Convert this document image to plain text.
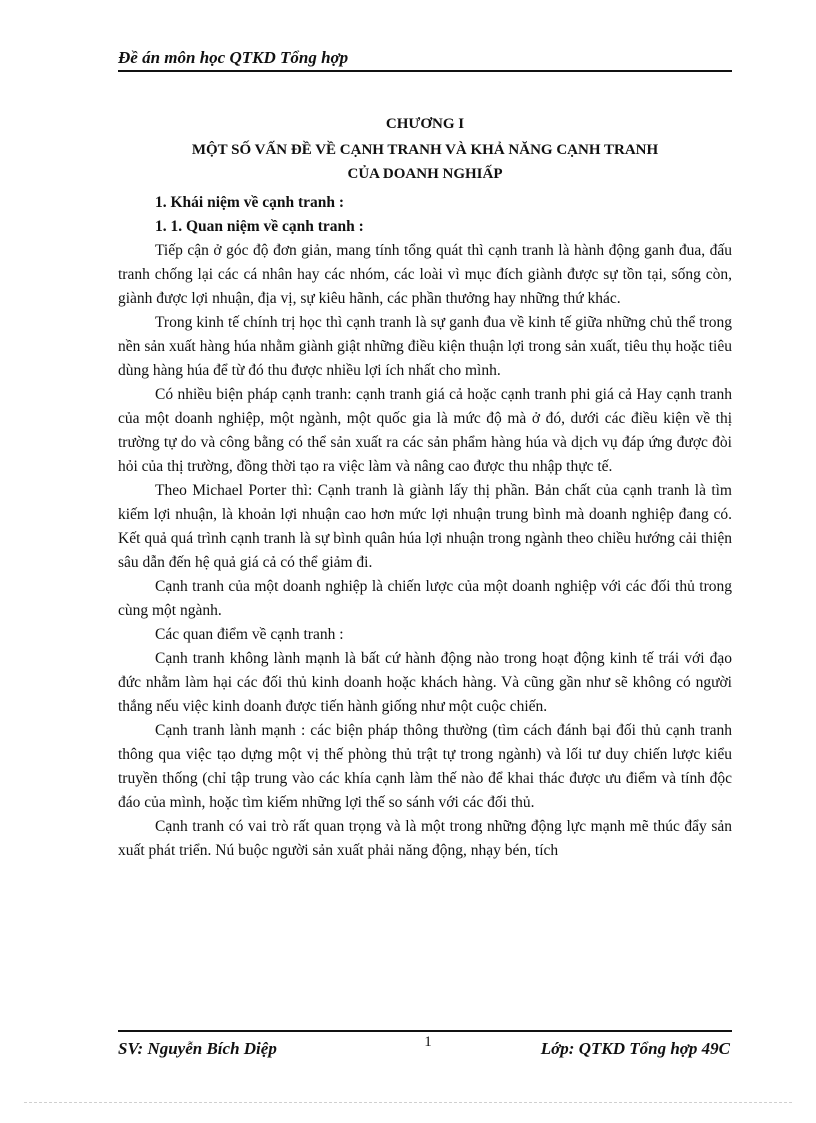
Đề án môn học QTKD Tổng hợp
CHƯƠNG I
MỘT SỐ VẤN ĐỀ VỀ CẠNH TRANH VÀ KHẢ NĂNG CẠNH TRANH
CỦA DOANH NGHIẤP

1. Khái niệm về cạnh tranh :

1. 1. Quan niệm về cạnh tranh :

Tiếp cận ở góc độ đơn giản, mang tính tổng quát thì cạnh tranh là hành động ganh đua, đấu tranh chống lại các cá nhân hay các nhóm, các loài vì mục đích giành được sự tồn tại, sống còn, giành được lợi nhuận, địa vị, sự kiêu hãnh, các phần thưởng hay những thứ khác.

Trong kinh tế chính trị học thì cạnh tranh là sự ganh đua về kinh tế giữa những chủ thể trong nền sản xuất hàng húa nhằm giành giật những điều kiện thuận lợi trong sản xuất, tiêu thụ hoặc tiêu dùng hàng húa để từ đó thu được nhiều lợi ích nhất cho mình.

Có nhiều biện pháp cạnh tranh: cạnh tranh giá cả hoặc cạnh tranh phi giá cả Hay cạnh tranh của một doanh nghiệp, một ngành, một quốc gia là mức độ mà ở đó, dưới các điều kiện về thị trường tự do và công bằng có thể sản xuất ra các sản phẩm hàng húa và dịch vụ đáp ứng được đòi hỏi của thị trường, đồng thời tạo ra việc làm và nâng cao được thu nhập thực tế.

Theo Michael Porter thì: Cạnh tranh là giành lấy thị phần. Bản chất của cạnh tranh là tìm kiếm lợi nhuận, là khoản lợi nhuận cao hơn mức lợi nhuận trung bình mà doanh nghiệp đang có. Kết quả quá trình cạnh tranh là sự bình quân húa lợi nhuận trong ngành theo chiều hướng cải thiện sâu dẫn đến hệ quả giá cả có thể giảm đi.

Cạnh tranh của một doanh nghiệp là chiến lược của một doanh nghiệp với các đối thủ trong cùng một ngành.

Các quan điểm về cạnh tranh :

Cạnh tranh không lành mạnh là bất cứ hành động nào trong hoạt động kinh tế trái với đạo đức nhằm làm hại các đối thủ kinh doanh hoặc khách hàng. Và cũng gần như sẽ không có người thắng nếu việc kinh doanh được tiến hành giống như một cuộc chiến.

Cạnh tranh lành mạnh : các biện pháp thông thường (tìm cách đánh bại đối thủ cạnh tranh thông qua việc tạo dựng một vị thế phòng thủ trật tự trong ngành) và lối tư duy chiến lược kiểu truyền thống (chỉ tập trung vào các khía cạnh làm thế nào để khai thác được ưu điểm và tính độc đáo của mình, hoặc tìm kiếm những lợi thế so sánh với các đối thủ.

Cạnh tranh có vai trò rất quan trọng và là một trong những động lực mạnh mẽ thúc đẩy sản xuất phát triển. Nú buộc người sản xuất phải năng động, nhạy bén, tích

SV: Nguyễn Bích Diệp	1	Lớp: QTKD Tổng hợp 49C
